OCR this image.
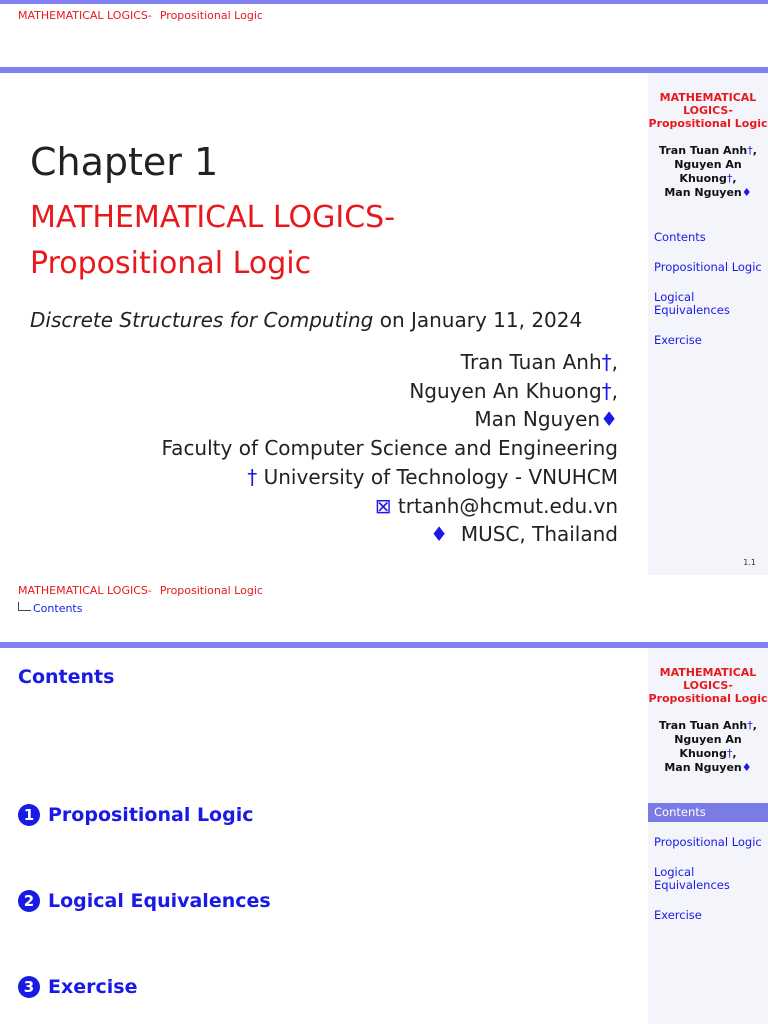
MATHEMATICAL LOGICS- Propositional Logic
Chapter 1
MATHEMATICAL LOGICS-
Propositional Logic
Discrete Structures for Computing on January 11, 2024
Tran Tuan Anh†,
Nguyen An Khuong†,
Man Nguyen♦
Faculty of Computer Science and Engineering
† University of Technology - VNUHCM
⊠ trtanh@hcmut.edu.vn
♦ MUSC, Thailand
MATHEMATICAL
LOGICS-
Propositional Logic
Tran Tuan Anh†,
Nguyen An
Khuong†,
Man Nguyen♦
Contents
Propositional Logic
Logical
Equivalences
Exercise
1.1
MATHEMATICAL LOGICS- Propositional Logic
Contents
Contents
1 Propositional Logic
2 Logical Equivalences
3 Exercise
MATHEMATICAL
LOGICS-
Propositional Logic
Tran Tuan Anh†,
Nguyen An
Khuong†,
Man Nguyen♦
Contents
Propositional Logic
Logical
Equivalences
Exercise
